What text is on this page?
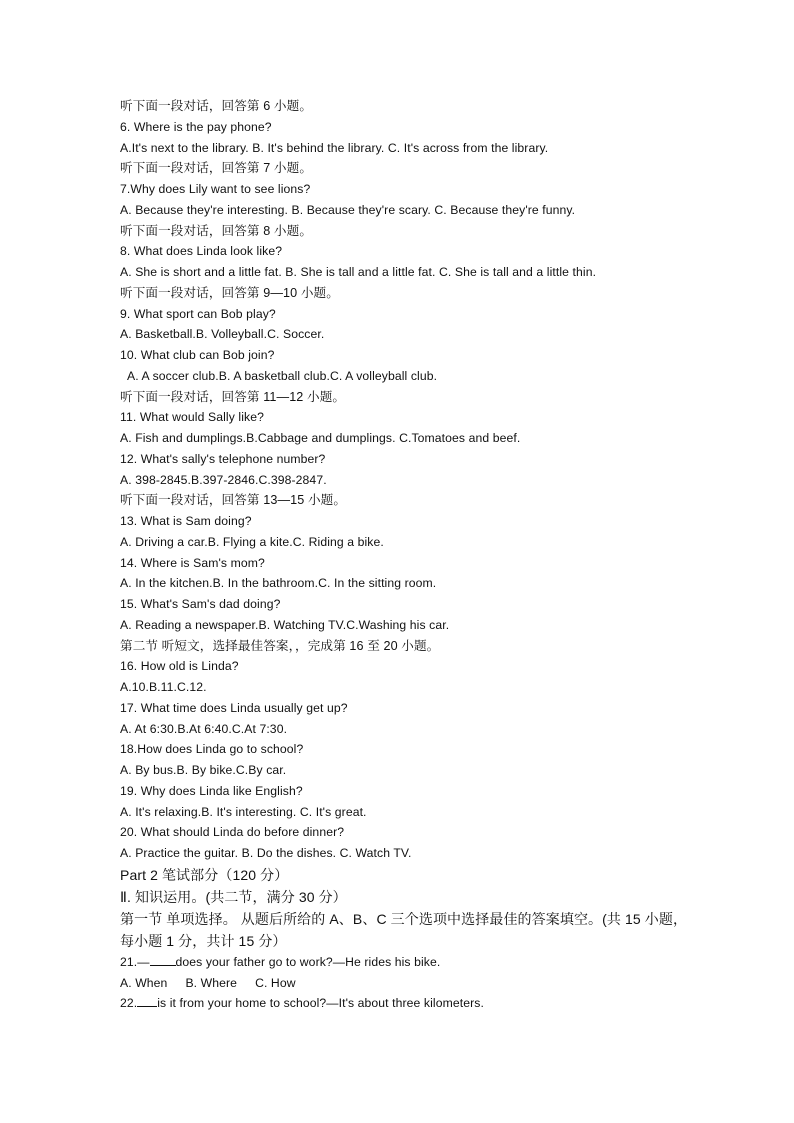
听下面一段对话，回答第 6 小题。
6. Where is the pay phone?
A.It's next to the library. B. It's behind the library. C. It's across from the library.
听下面一段对话，回答第 7 小题。
7.Why does Lily want to see lions?
A. Because they're interesting. B. Because they're scary. C. Because they're funny.
听下面一段对话，回答第 8 小题。
8. What does Linda look like?
A. She is short and a little fat. B. She is tall and a little fat. C. She is tall and a little thin.
听下面一段对话，回答第 9—10 小题。
9. What sport can Bob play?
A. Basketball.B. Volleyball.C. Soccer.
10. What club can Bob join?
A. A soccer club.B. A basketball club.C. A volleyball club.
听下面一段对话，回答第 11—12 小题。
11. What would Sally like?
A. Fish and dumplings.B.Cabbage and dumplings. C.Tomatoes and beef.
12. What's sally's telephone number?
A. 398-2845.B.397-2846.C.398-2847.
听下面一段对话，回答第 13—15 小题。
13. What is Sam doing?
A. Driving a car.B. Flying a kite.C. Riding a bike.
14. Where is Sam's mom?
A. In the kitchen.B. In the bathroom.C. In the sitting room.
15. What's Sam's dad doing?
A. Reading a newspaper.B. Watching TV.C.Washing his car.
第二节 听短文，选择最佳答案，，完成第 16 至 20 小题。
16. How old is Linda?
A.10.B.11.C.12.
17. What time does Linda usually get up?
A. At 6:30.B.At 6:40.C.At 7:30.
18.How does Linda go to school?
A. By bus.B. By bike.C.By car.
19. Why does Linda like English?
A. It's relaxing.B. It's interesting. C. It's great.
20. What should Linda do before dinner?
A. Practice the guitar. B. Do the dishes. C. Watch TV.
Part 2 笔试部分（120 分）
Ⅱ. 知识运用。(共二节，满分 30 分）
第一节 单项选择。 从题后所给的 A、B、C 三个选项中选择最佳的答案填空。(共 15 小题，每小题 1 分，共计 15 分）
21.— does your father go to work?—He rides his bike.
A. When B. Where C. How
22. is it from your home to school?—It's about three kilometers.
